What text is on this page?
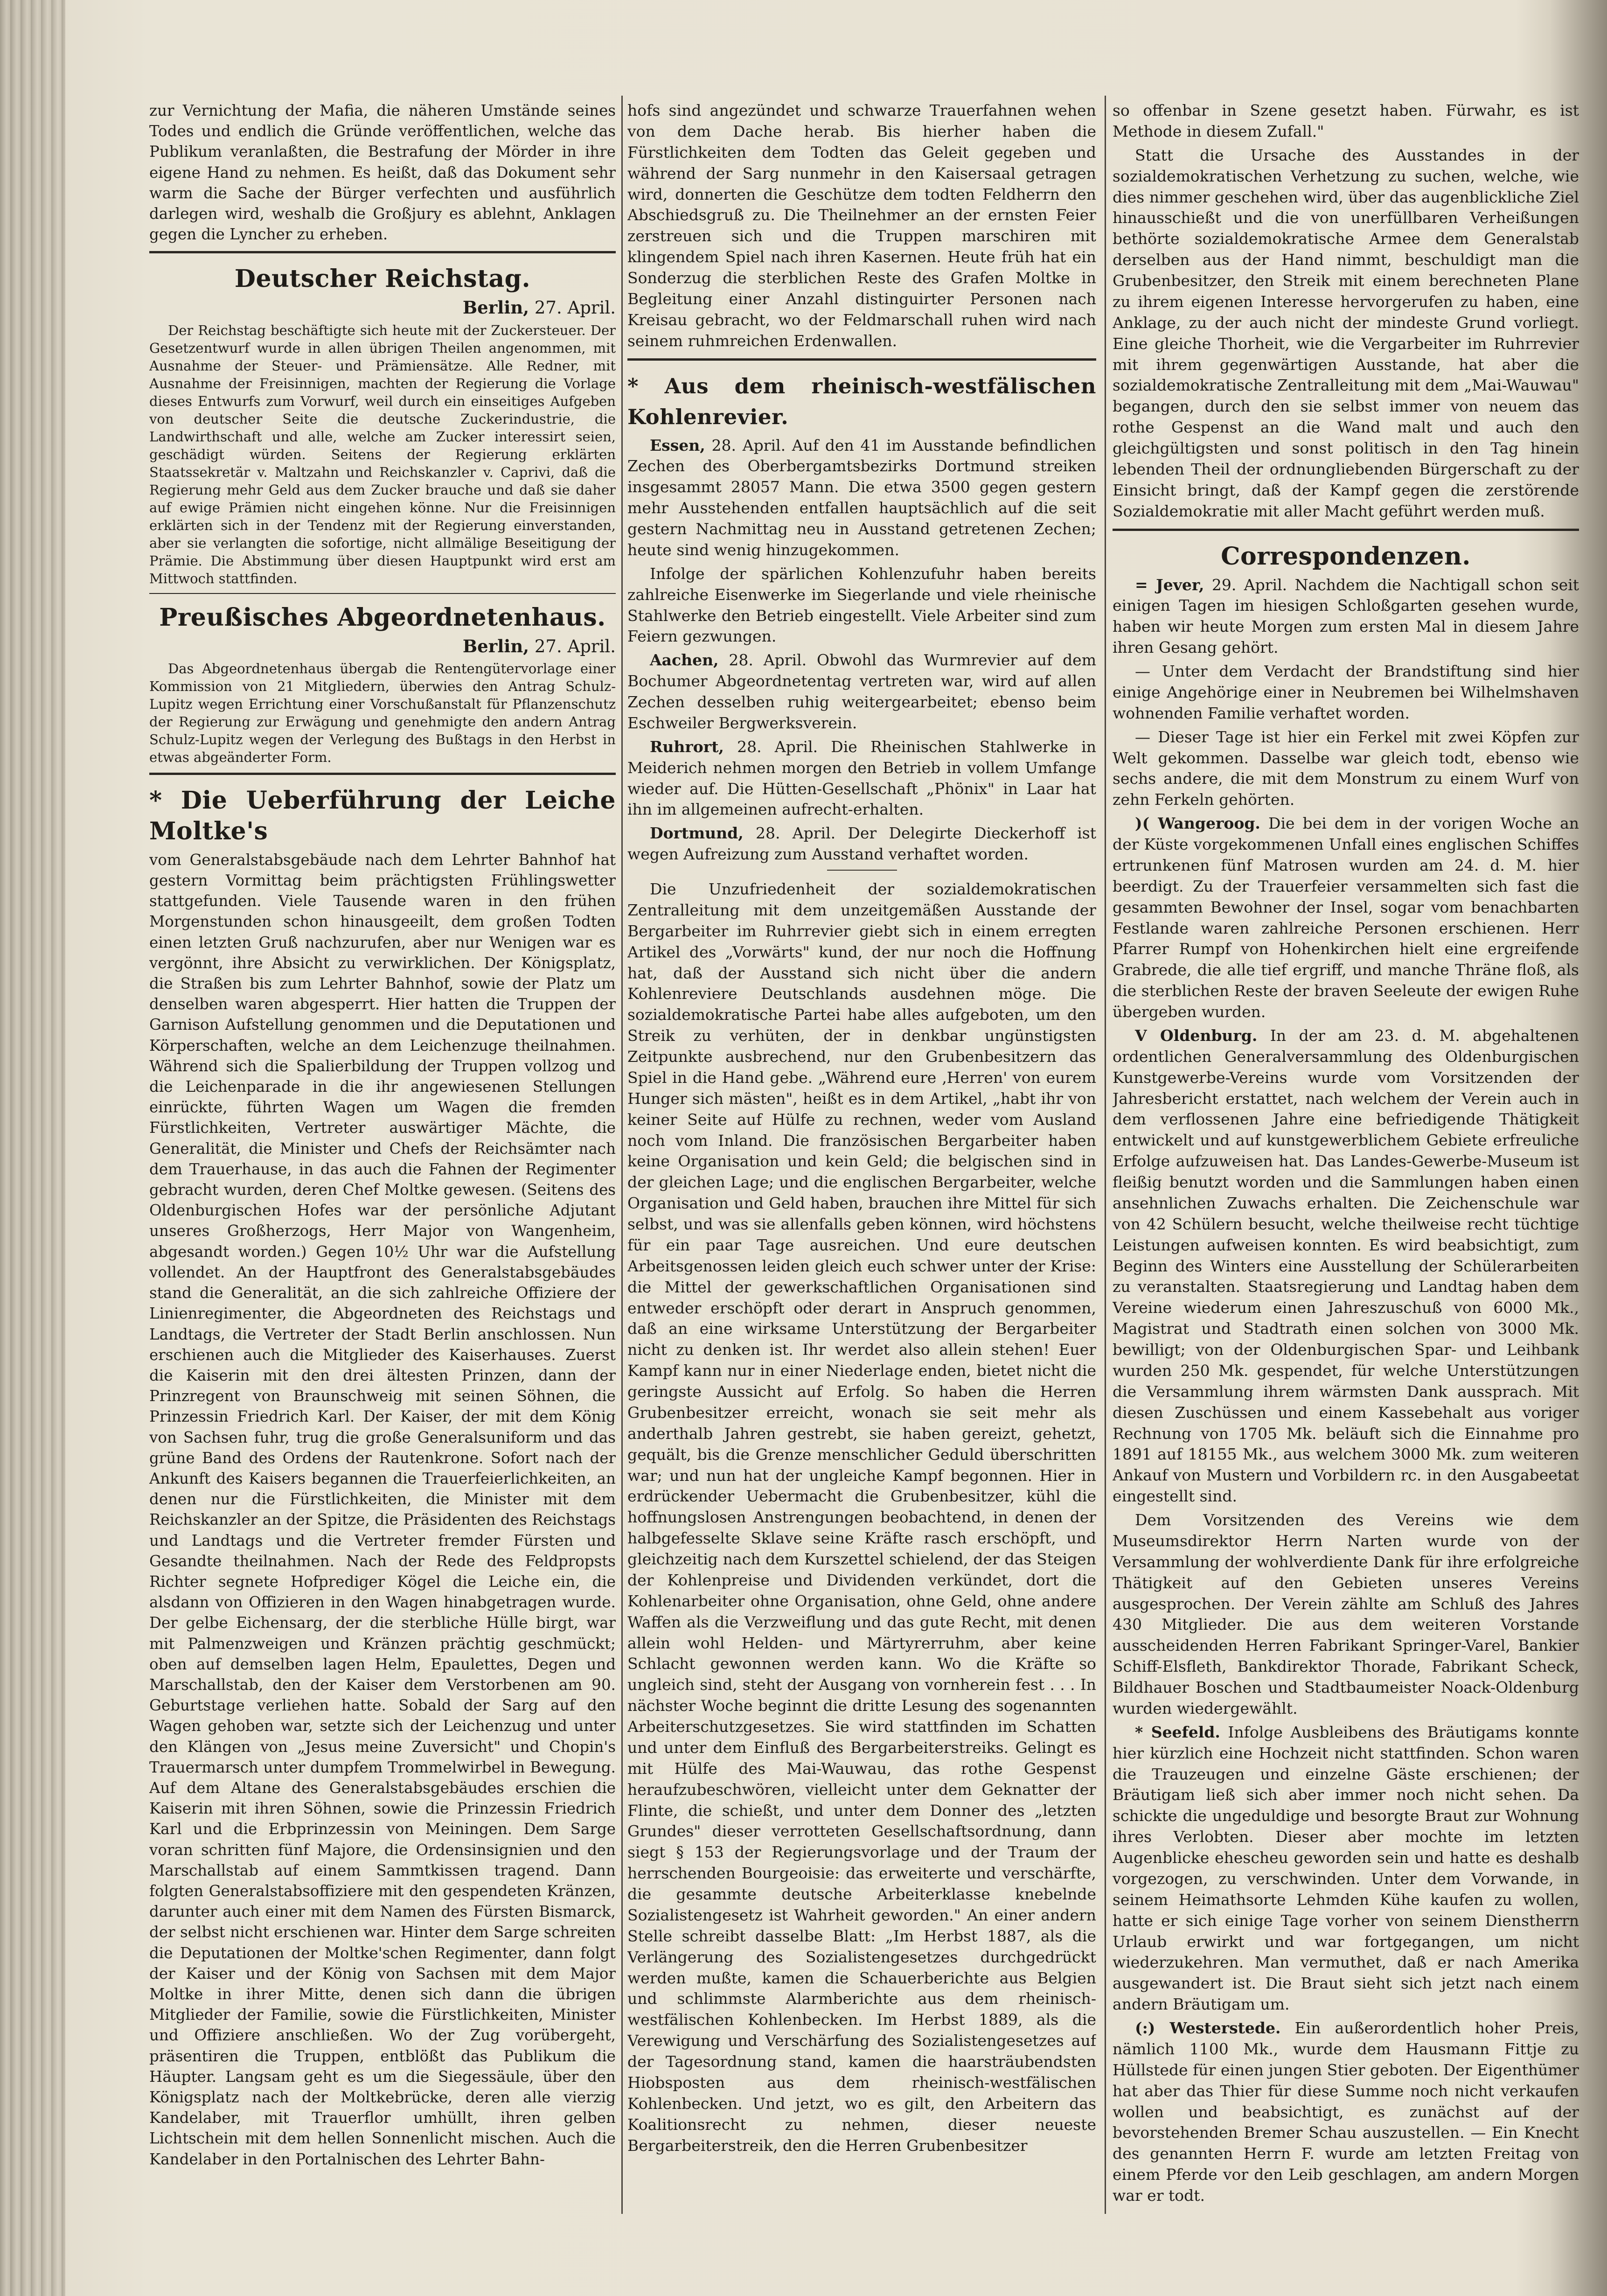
zur Vernichtung der Mafia, die näheren Umstände seines Todes und endlich die Gründe veröffentlichen, welche das Publikum veranlaßten, die Bestrafung der Mörder in ihre eigene Hand zu nehmen. Es heißt, daß das Dokument sehr warm die Sache der Bürger verfechten und ausführlich darlegen wird, weshalb die Großjury es ablehnt, Anklagen gegen die Lyncher zu erheben.

Deutscher Reichstag.
Berlin, 27. April.

Der Reichstag beschäftigte sich heute mit der Zuckersteuer. Der Gesetzentwurf wurde in allen übrigen Theilen angenommen, mit Ausnahme der Steuer- und Prämiensätze. Alle Redner, mit Ausnahme der Freisinnigen, machten der Regierung die Vorlage dieses Entwurfs zum Vorwurf, weil durch ein einseitiges Aufgeben von deutscher Seite die deutsche Zuckerindustrie, die Landwirthschaft und alle, welche am Zucker interessirt seien, geschädigt würden. Seitens der Regierung erklärten Staatssekretär v. Maltzahn und Reichskanzler v. Caprivi, daß die Regierung mehr Geld aus dem Zucker brauche und daß sie daher auf ewige Prämien nicht eingehen könne. Nur die Freisinnigen erklärten sich in der Tendenz mit der Regierung einverstanden, aber sie verlangten die sofortige, nicht allmälige Beseitigung der Prämie. Die Abstimmung über diesen Hauptpunkt wird erst am Mittwoch stattfinden.

Preußisches Abgeordnetenhaus.
Berlin, 27. April.

Das Abgeordnetenhaus übergab die Rentengütervorlage einer Kommission von 21 Mitgliedern, überwies den Antrag Schulz-Lupitz wegen Errichtung einer Vorschußanstalt für Pflanzenschutz der Regierung zur Erwägung und genehmigte den andern Antrag Schulz-Lupitz wegen der Verlegung des Bußtags in den Herbst in etwas abgeänderter Form.

* Die Ueberführung der Leiche Moltke's

vom Generalstabsgebäude nach dem Lehrter Bahnhof hat gestern Vormittag beim prächtigsten Frühlingswetter stattgefunden. Viele Tausende waren in den frühen Morgenstunden schon hinausgeeilt, dem großen Todten einen letzten Gruß nachzurufen, aber nur Wenigen war es vergönnt, ihre Absicht zu verwirklichen. Der Königsplatz, die Straßen bis zum Lehrter Bahnhof, sowie der Platz um denselben waren abgesperrt. Hier hatten die Truppen der Garnison Aufstellung genommen und die Deputationen und Körperschaften, welche an dem Leichenzuge theilnahmen. Während sich die Spalierbildung der Truppen vollzog und die Leichenparade in die ihr angewiesenen Stellungen einrückte, führten Wagen um Wagen die fremden Fürstlichkeiten, Vertreter auswärtiger Mächte, die Generalität, die Minister und Chefs der Reichsämter nach dem Trauerhause, in das auch die Fahnen der Regimenter gebracht wurden, deren Chef Moltke gewesen. (Seitens des Oldenburgischen Hofes war der persönliche Adjutant unseres Großherzogs, Herr Major von Wangenheim, abgesandt worden.) Gegen 10½ Uhr war die Aufstellung vollendet. An der Hauptfront des Generalstabsgebäudes stand die Generalität, an die sich zahlreiche Offiziere der Linienregimenter, die Abgeordneten des Reichstags und Landtags, die Vertreter der Stadt Berlin anschlossen. Nun erschienen auch die Mitglieder des Kaiserhauses. Zuerst die Kaiserin mit den drei ältesten Prinzen, dann der Prinzregent von Braunschweig mit seinen Söhnen, die Prinzessin Friedrich Karl. Der Kaiser, der mit dem König von Sachsen fuhr, trug die große Generalsuniform und das grüne Band des Ordens der Rautenkrone. Sofort nach der Ankunft des Kaisers begannen die Trauerfeierlichkeiten, an denen nur die Fürstlichkeiten, die Minister mit dem Reichskanzler an der Spitze, die Präsidenten des Reichstags und Landtags und die Vertreter fremder Fürsten und Gesandte theilnahmen. Nach der Rede des Feldpropsts Richter segnete Hofprediger Kögel die Leiche ein, die alsdann von Offizieren in den Wagen hinabgetragen wurde. Der gelbe Eichensarg, der die sterbliche Hülle birgt, war mit Palmenzweigen und Kränzen prächtig geschmückt; oben auf demselben lagen Helm, Epaulettes, Degen und Marschallstab, den der Kaiser dem Verstorbenen am 90. Geburtstage verliehen hatte. Sobald der Sarg auf den Wagen gehoben war, setzte sich der Leichenzug und unter den Klängen von „Jesus meine Zuversicht" und Chopin's Trauermarsch unter dumpfem Trommelwirbel in Bewegung. Auf dem Altane des Generalstabsgebäudes erschien die Kaiserin mit ihren Söhnen, sowie die Prinzessin Friedrich Karl und die Erbprinzessin von Meiningen. Dem Sarge voran schritten fünf Majore, die Ordensinsignien und den Marschallstab auf einem Sammtkissen tragend. Dann folgten Generalstabsoffiziere mit den gespendeten Kränzen, darunter auch einer mit dem Namen des Fürsten Bismarck, der selbst nicht erschienen war. Hinter dem Sarge schreiten die Deputationen der Moltke'schen Regimenter, dann folgt der Kaiser und der König von Sachsen mit dem Major Moltke in ihrer Mitte, denen sich dann die übrigen Mitglieder der Familie, sowie die Fürstlichkeiten, Minister und Offiziere anschließen. Wo der Zug vorübergeht, präsentiren die Truppen, entblößt das Publikum die Häupter. Langsam geht es um die Siegessäule, über den Königsplatz nach der Moltkebrücke, deren alle vierzig Kandelaber, mit Trauerflor umhüllt, ihren gelben Lichtschein mit dem hellen Sonnenlicht mischen. Auch die Kandelaber in den Portalnischen des Lehrter Bahn-

hofs sind angezündet und schwarze Trauerfahnen wehen von dem Dache herab. Bis hierher haben die Fürstlichkeiten dem Todten das Geleit gegeben und während der Sarg nunmehr in den Kaisersaal getragen wird, donnerten die Geschütze dem todten Feldherrn den Abschiedsgruß zu. Die Theilnehmer an der ernsten Feier zerstreuen sich und die Truppen marschiren mit klingendem Spiel nach ihren Kasernen. Heute früh hat ein Sonderzug die sterblichen Reste des Grafen Moltke in Begleitung einer Anzahl distinguirter Personen nach Kreisau gebracht, wo der Feldmarschall ruhen wird nach seinem ruhmreichen Erdenwallen.

* Aus dem rheinisch-westfälischen Kohlenrevier.

Essen, 28. April. Auf den 41 im Ausstande befindlichen Zechen des Oberbergamtsbezirks Dortmund streiken insgesammt 28057 Mann. Die etwa 3500 gegen gestern mehr Ausstehenden entfallen hauptsächlich auf die seit gestern Nachmittag neu in Ausstand getretenen Zechen; heute sind wenig hinzugekommen.

Infolge der spärlichen Kohlenzufuhr haben bereits zahlreiche Eisenwerke im Siegerlande und viele rheinische Stahlwerke den Betrieb eingestellt. Viele Arbeiter sind zum Feiern gezwungen.

Aachen, 28. April. Obwohl das Wurmrevier auf dem Bochumer Abgeordnetentag vertreten war, wird auf allen Zechen desselben ruhig weitergearbeitet; ebenso beim Eschweiler Bergwerksverein.

Ruhrort, 28. April. Die Rheinischen Stahlwerke in Meiderich nehmen morgen den Betrieb in vollem Umfange wieder auf. Die Hütten-Gesellschaft „Phönix" in Laar hat ihn im allgemeinen aufrecht-erhalten.

Dortmund, 28. April. Der Delegirte Dieckerhoff ist wegen Aufreizung zum Ausstand verhaftet worden.

Die Unzufriedenheit der sozialdemokratischen Zentralleitung mit dem unzeitgemäßen Ausstande der Bergarbeiter im Ruhrrevier giebt sich in einem erregten Artikel des „Vorwärts" kund, der nur noch die Hoffnung hat, daß der Ausstand sich nicht über die andern Kohlenreviere Deutschlands ausdehnen möge. Die sozialdemokratische Partei habe alles aufgeboten, um den Streik zu verhüten, der in denkbar ungünstigsten Zeitpunkte ausbrechend, nur den Grubenbesitzern das Spiel in die Hand gebe. „Während eure ‚Herren' von eurem Hunger sich mästen", heißt es in dem Artikel, „habt ihr von keiner Seite auf Hülfe zu rechnen, weder vom Ausland noch vom Inland. Die französischen Bergarbeiter haben keine Organisation und kein Geld; die belgischen sind in der gleichen Lage; und die englischen Bergarbeiter, welche Organisation und Geld haben, brauchen ihre Mittel für sich selbst, und was sie allenfalls geben können, wird höchstens für ein paar Tage ausreichen. Und eure deutschen Arbeitsgenossen leiden gleich euch schwer unter der Krise: die Mittel der gewerkschaftlichen Organisationen sind entweder erschöpft oder derart in Anspruch genommen, daß an eine wirksame Unterstützung der Bergarbeiter nicht zu denken ist. Ihr werdet also allein stehen! Euer Kampf kann nur in einer Niederlage enden, bietet nicht die geringste Aussicht auf Erfolg. So haben die Herren Grubenbesitzer erreicht, wonach sie seit mehr als anderthalb Jahren gestrebt, sie haben gereizt, gehetzt, gequält, bis die Grenze menschlicher Geduld überschritten war; und nun hat der ungleiche Kampf begonnen. Hier in erdrückender Uebermacht die Grubenbesitzer, kühl die hoffnungslosen Anstrengungen beobachtend, in denen der halbgefesselte Sklave seine Kräfte rasch erschöpft, und gleichzeitig nach dem Kurszettel schielend, der das Steigen der Kohlenpreise und Dividenden verkündet, dort die Kohlenarbeiter ohne Organisation, ohne Geld, ohne andere Waffen als die Verzweiflung und das gute Recht, mit denen allein wohl Helden- und Märtyrerruhm, aber keine Schlacht gewonnen werden kann. Wo die Kräfte so ungleich sind, steht der Ausgang von vornherein fest . . . In nächster Woche beginnt die dritte Lesung des sogenannten Arbeiterschutzgesetzes. Sie wird stattfinden im Schatten und unter dem Einfluß des Bergarbeiterstreiks. Gelingt es mit Hülfe des Mai-Wauwau, das rothe Gespenst heraufzubeschwören, vielleicht unter dem Geknatter der Flinte, die schießt, und unter dem Donner des „letzten Grundes" dieser verrotteten Gesellschaftsordnung, dann siegt § 153 der Regierungsvorlage und der Traum der herrschenden Bourgeoisie: das erweiterte und verschärfte, die gesammte deutsche Arbeiterklasse knebelnde Sozialistengesetz ist Wahrheit geworden." An einer andern Stelle schreibt dasselbe Blatt: „Im Herbst 1887, als die Verlängerung des Sozialistengesetzes durchgedrückt werden mußte, kamen die Schauerberichte aus Belgien und schlimmste Alarmberichte aus dem rheinisch-westfälischen Kohlenbecken. Im Herbst 1889, als die Verewigung und Verschärfung des Sozialistengesetzes auf der Tagesordnung stand, kamen die haarsträubendsten Hiobsposten aus dem rheinisch-westfälischen Kohlenbecken. Und jetzt, wo es gilt, den Arbeitern das Koalitionsrecht zu nehmen, dieser neueste Bergarbeiterstreik, den die Herren Grubenbesitzer

so offenbar in Szene gesetzt haben. Fürwahr, es ist Methode in diesem Zufall."

Statt die Ursache des Ausstandes in der sozialdemokratischen Verhetzung zu suchen, welche, wie dies nimmer geschehen wird, über das augenblickliche Ziel hinausschießt und die von unerfüllbaren Verheißungen bethörte sozialdemokratische Armee dem Generalstab derselben aus der Hand nimmt, beschuldigt man die Grubenbesitzer, den Streik mit einem berechneten Plane zu ihrem eigenen Interesse hervorgerufen zu haben, eine Anklage, zu der auch nicht der mindeste Grund vorliegt. Eine gleiche Thorheit, wie die Vergarbeiter im Ruhrrevier mit ihrem gegenwärtigen Ausstande, hat aber die sozialdemokratische Zentralleitung mit dem „Mai-Wauwau" begangen, durch den sie selbst immer von neuem das rothe Gespenst an die Wand malt und auch den gleichgültigsten und sonst politisch in den Tag hinein lebenden Theil der ordnungliebenden Bürgerschaft zu der Einsicht bringt, daß der Kampf gegen die zerstörende Sozialdemokratie mit aller Macht geführt werden muß.

Correspondenzen.

= Jever, 29. April. Nachdem die Nachtigall schon seit einigen Tagen im hiesigen Schloßgarten gesehen wurde, haben wir heute Morgen zum ersten Mal in diesem Jahre ihren Gesang gehört.

— Unter dem Verdacht der Brandstiftung sind hier einige Angehörige einer in Neubremen bei Wilhelmshaven wohnenden Familie verhaftet worden.

— Dieser Tage ist hier ein Ferkel mit zwei Köpfen zur Welt gekommen. Dasselbe war gleich todt, ebenso wie sechs andere, die mit dem Monstrum zu einem Wurf von zehn Ferkeln gehörten.

)( Wangeroog. Die bei dem in der vorigen Woche an der Küste vorgekommenen Unfall eines englischen Schiffes ertrunkenen fünf Matrosen wurden am 24. d. M. hier beerdigt. Zu der Trauerfeier versammelten sich fast die gesammten Bewohner der Insel, sogar vom benachbarten Festlande waren zahlreiche Personen erschienen. Herr Pfarrer Rumpf von Hohenkirchen hielt eine ergreifende Grabrede, die alle tief ergriff, und manche Thräne floß, als die sterblichen Reste der braven Seeleute der ewigen Ruhe übergeben wurden.

V Oldenburg. In der am 23. d. M. abgehaltenen ordentlichen Generalversammlung des Oldenburgischen Kunstgewerbe-Vereins wurde vom Vorsitzenden der Jahresbericht erstattet, nach welchem der Verein auch in dem verflossenen Jahre eine befriedigende Thätigkeit entwickelt und auf kunstgewerblichem Gebiete erfreuliche Erfolge aufzuweisen hat. Das Landes-Gewerbe-Museum ist fleißig benutzt worden und die Sammlungen haben einen ansehnlichen Zuwachs erhalten. Die Zeichenschule war von 42 Schülern besucht, welche theilweise recht tüchtige Leistungen aufweisen konnten. Es wird beabsichtigt, zum Beginn des Winters eine Ausstellung der Schülerarbeiten zu veranstalten. Staatsregierung und Landtag haben dem Vereine wiederum einen Jahreszuschuß von 6000 Mk., Magistrat und Stadtrath einen solchen von 3000 Mk. bewilligt; von der Oldenburgischen Spar- und Leihbank wurden 250 Mk. gespendet, für welche Unterstützungen die Versammlung ihrem wärmsten Dank aussprach. Mit diesen Zuschüssen und einem Kassebehalt aus voriger Rechnung von 1705 Mk. beläuft sich die Einnahme pro 1891 auf 18155 Mk., aus welchem 3000 Mk. zum weiteren Ankauf von Mustern und Vorbildern rc. in den Ausgabeetat eingestellt sind.

Dem Vorsitzenden des Vereins wie dem Museumsdirektor Herrn Narten wurde von der Versammlung der wohlverdiente Dank für ihre erfolgreiche Thätigkeit auf den Gebieten unseres Vereins ausgesprochen. Der Verein zählte am Schluß des Jahres 430 Mitglieder. Die aus dem weiteren Vorstande ausscheidenden Herren Fabrikant Springer-Varel, Bankier Schiff-Elsfleth, Bankdirektor Thorade, Fabrikant Scheck, Bildhauer Boschen und Stadtbaumeister Noack-Oldenburg wurden wiedergewählt.

* Seefeld. Infolge Ausbleibens des Bräutigams konnte hier kürzlich eine Hochzeit nicht stattfinden. Schon waren die Trauzeugen und einzelne Gäste erschienen; der Bräutigam ließ sich aber immer noch nicht sehen. Da schickte die ungeduldige und besorgte Braut zur Wohnung ihres Verlobten. Dieser aber mochte im letzten Augenblicke ehescheu geworden sein und hatte es deshalb vorgezogen, zu verschwinden. Unter dem Vorwande, in seinem Heimathsorte Lehmden Kühe kaufen zu wollen, hatte er sich einige Tage vorher von seinem Dienstherrn Urlaub erwirkt und war fortgegangen, um nicht wiederzukehren. Man vermuthet, daß er nach Amerika ausgewandert ist. Die Braut sieht sich jetzt nach einem andern Bräutigam um.

(:) Westerstede. Ein außerordentlich hoher Preis, nämlich 1100 Mk., wurde dem Hausmann Fittje zu Hüllstede für einen jungen Stier geboten. Der Eigenthümer hat aber das Thier für diese Summe noch nicht verkaufen wollen und beabsichtigt, es zunächst auf der bevorstehenden Bremer Schau auszustellen. — Ein Knecht des genannten Herrn F. wurde am letzten Freitag von einem Pferde vor den Leib geschlagen, am andern Morgen war er todt.
